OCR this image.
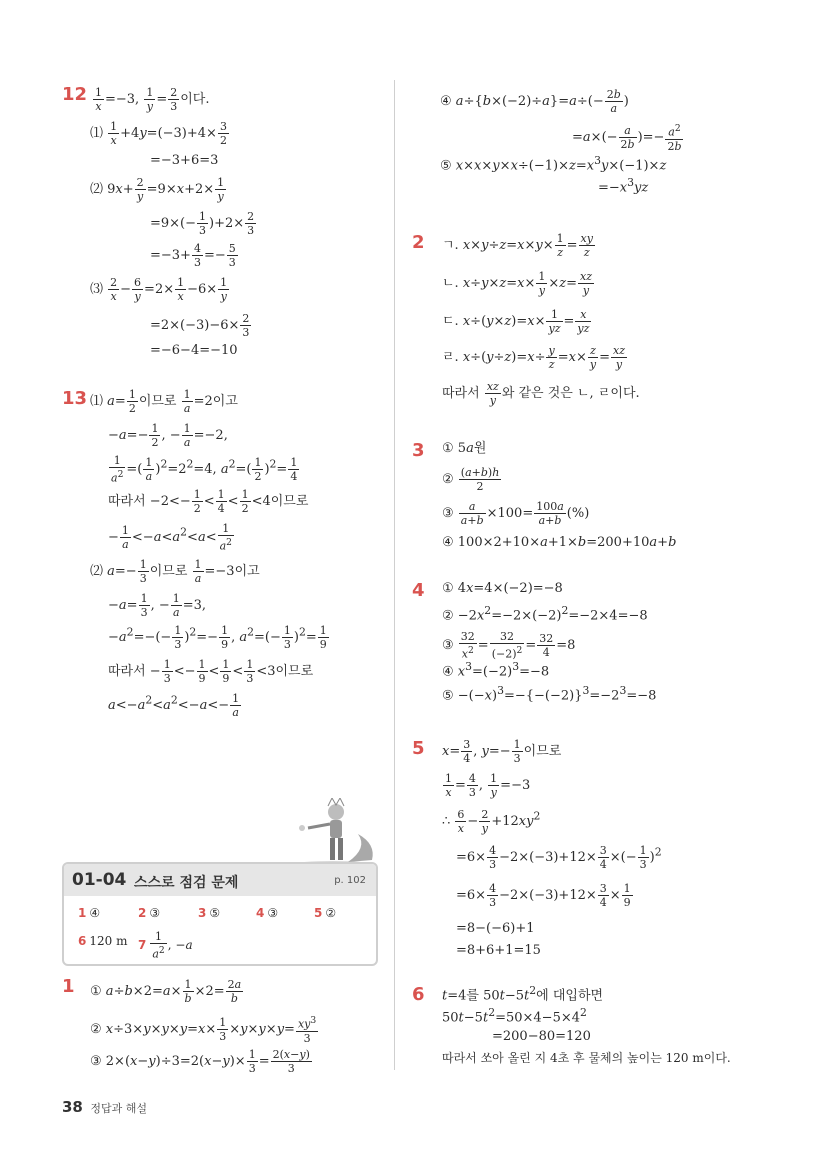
$12 \frac{1}{x} =-3$, $\frac{1}{y} = \frac{2}{3}$ 이다.
⑴ $\frac{1}{x} +4y=(-3)+4\times \frac{3}{2}$
=−3+6=3
⑵ $9x+ \frac{2}{y} =9\times x+2\times \frac{1}{y}$
$=9\times(- \frac{1}{3} )+2\times \frac{2}{3}$
$=-3+ \frac{4}{3} =- \frac{5}{3}$
⑶ $\frac{2}{x} - \frac{6}{y} =2\times \frac{1}{x} -6\times \frac{1}{y}$
$=2\times(-3)-6\times \frac{2}{3}$
=−6−4=−10
13 ⑴ $a= \frac{1}{2}$ 이므로 $\frac{1}{a} =2$이고
$-a=- \frac{1}{2}$ , − $\frac{1}{a} =-2$,
$\frac{1}{a^2}$ =( $\frac{1}{a} )^2=2^2=4$, $a^2=( \frac{1}{2} )^2= \frac{1}{4}$
따라서 $-2<- \frac{1}{2} < \frac{1}{4} < \frac{1}{2} <4$이므로
− $\frac{1}{a} <-a<a^2<a< \frac{1}{a^2}$
⑵ $a=- \frac{1}{3}$ 이므로 $\frac{1}{a} =-3$이고
$-a= \frac{1}{3}$ , − $\frac{1}{a} =3$,
$-a^2=-(- \frac{1}{3} )^2=- \frac{1}{9}$ , $a^2=(- \frac{1}{3} )^2= \frac{1}{9}$
따라서 − $\frac{1}{3} <- \frac{1}{9} < \frac{1}{9} < \frac{1}{3} <3$이므로
$a<-a^2<a^2<-a<- \frac{1}{a}$
01-04 스스로 점검 문제	p. 102
1 ④	2 ③	3 ⑤	4 ③	5 ②
6 120 m $7 \frac{1}{a^2}$ , −a
1	① $a\div b\times 2=a\times \frac{1}{b} \times 2= \frac{2a}{b}$
② $x\div 3\times y\times y\times y=x\times \frac{1}{3} \times y\times y\times y= \frac{xy^3}{3}$
③ $2\times(x-y)\div 3=2(x-y)\times \frac{1}{3} = \frac{2(x-y)}{3}$
④ $a\div\{b\times(-2)\div a\}=a\div(- \frac{2b}{a}$ )
$=a\times(- \frac{a}{2b}$ )=− $\frac{a^2}{2b}$
⑤ $x\times x\times y\times x\div(-1)\times z=x^3y\times(-1)\times z$
$=-x^3yz$
2	ㄱ. $x\times y\div z=x\times y\times \frac{1}{z} = \frac{xy}{z}$
ㄴ. $x\div y\times z=x\times \frac{1}{y} \times z= \frac{xz}{y}$
ㄷ. $x\div(y\times z)=x\times \frac{1}{yz} = \frac{x}{yz}$
ㄹ. $x\div(y\div z)=x\div \frac{y}{z} =x\times \frac{z}{y} = \frac{xz}{y}$
따라서 $\frac{xz}{y}$ 와 같은 것은 ㄴ, ㄹ이다.
3	① 5a원
② $\frac{(a+b)h}{2}$
③ $\frac{a}{a+b} \times 100= \frac{100a}{a+b}$ (%)
④ 100×2+10×a+1×b=200+10a+b
4	① 4x=4×(−2)=−8
② $-2x^2=-2\times(-2)^2=-2\times 4=-8$
③ $\frac{32}{x^2} = \frac{32}{(-2)^2} = \frac{32}{4} =8$
④ $x^3=(-2)^3=-8$
⑤ $-(-x)^3=-\{-(-2)\}^3=-2^3=-8$
5	$x= \frac{3}{4}$ , $y=- \frac{1}{3}$ 이므로
$\frac{1}{x} = \frac{4}{3}$ , $\frac{1}{y} =-3$
∴ $\frac{6}{x} - \frac{2}{y} +12xy^2$
$=6\times \frac{4}{3} -2\times(-3)+12\times \frac{3}{4}$ ×(− $\frac{1}{3} )^2$
$=6\times \frac{4}{3} -2\times(-3)+12\times \frac{3}{4} \times \frac{1}{9}$
=8−(−6)+1
=8+6+1=15
6	t=4를 $50t-5t^2$에 대입하면
$50t-5t^2=50\times 4-5\times 4^2$
=200−80=120
따라서 쏘아 올린 지 4초 후 물체의 높이는 120 m이다.
38 정답과 해설
